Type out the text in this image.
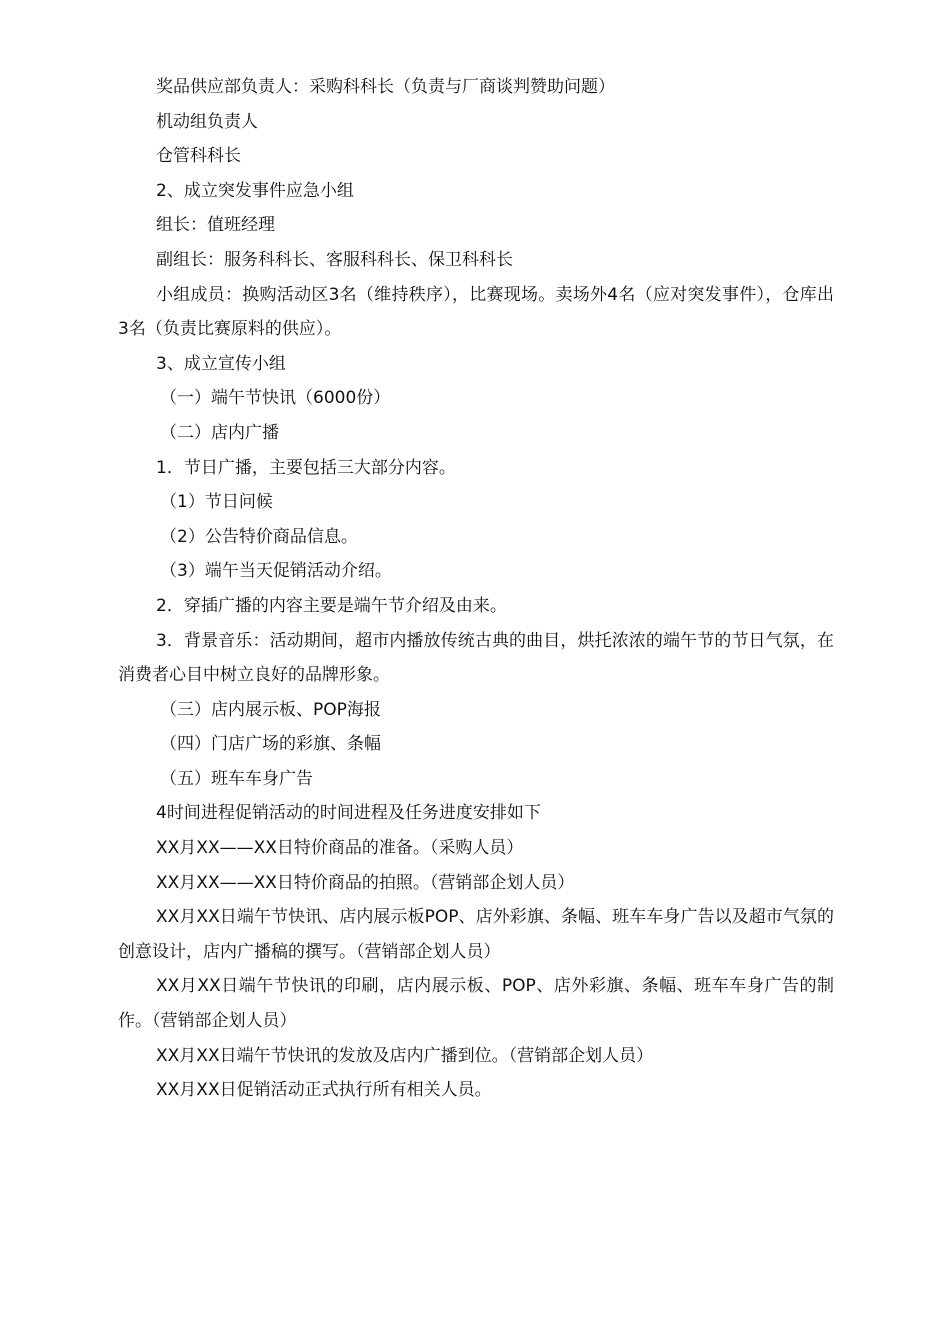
奖品供应部负责人：采购科科长（负责与厂商谈判赞助问题）
机动组负责人
仓管科科长
2、成立突发事件应急小组
组长：值班经理
副组长：服务科科长、客服科科长、保卫科科长
小组成员：换购活动区3名（维持秩序），比赛现场。卖场外4名（应对突发事件），仓库出3名（负责比赛原料的供应）。
3、成立宣传小组
（一）端午节快讯（6000份）
（二）店内广播
1．节日广播，主要包括三大部分内容。
（1）节日问候
（2）公告特价商品信息。
（3）端午当天促销活动介绍。
2．穿插广播的内容主要是端午节介绍及由来。
3．背景音乐：活动期间，超市内播放传统古典的曲目，烘托浓浓的端午节的节日气氛，在消费者心目中树立良好的品牌形象。
（三）店内展示板、POP海报
（四）门店广场的彩旗、条幅
（五）班车车身广告
4时间进程促销活动的时间进程及任务进度安排如下
XX月XX——XX日特价商品的准备。（采购人员）
XX月XX——XX日特价商品的拍照。（营销部企划人员）
XX月XX日端午节快讯、店内展示板POP、店外彩旗、条幅、班车车身广告以及超市气氛的创意设计，店内广播稿的撰写。（营销部企划人员）
XX月XX日端午节快讯的印刷，店内展示板、POP、店外彩旗、条幅、班车车身广告的制作。（营销部企划人员）
XX月XX日端午节快讯的发放及店内广播到位。（营销部企划人员）
XX月XX日促销活动正式执行所有相关人员。
